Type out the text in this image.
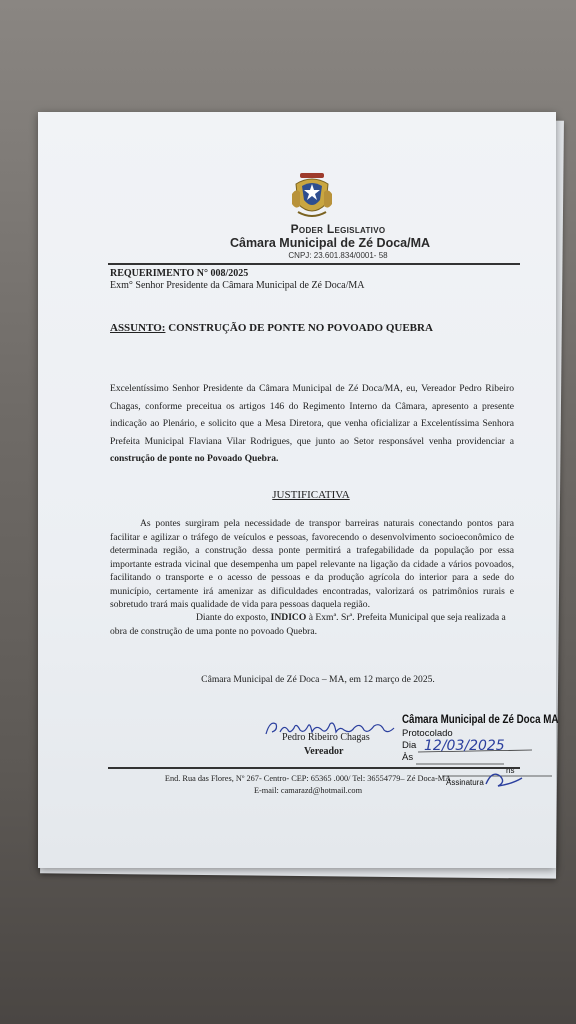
Poder Legislativo
Câmara Municipal de Zé Doca/MA
CNPJ: 23.601.834/0001- 58
REQUERIMENTO N° 008/2025
Exm° Senhor Presidente da Câmara Municipal de Zé Doca/MA
ASSUNTO: CONSTRUÇÃO DE PONTE NO POVOADO QUEBRA
Excelentíssimo Senhor Presidente da Câmara Municipal de Zé Doca/MA, eu, Vereador Pedro Ribeiro Chagas, conforme preceitua os artigos 146 do Regimento Interno da Câmara, apresento a presente indicação ao Plenário, e solicito que a Mesa Diretora, que venha oficializar a Excelentíssima Senhora Prefeita Municipal Flaviana Vilar Rodrigues, que junto ao Setor responsável venha providenciar a construção de ponte no Povoado Quebra.
JUSTIFICATIVA
As pontes surgiram pela necessidade de transpor barreiras naturais conectando pontos para facilitar e agilizar o tráfego de veículos e pessoas, favorecendo o desenvolvimento socioeconômico de determinada região, a construção dessa ponte permitirá a trafegabilidade da população por essa importante estrada vicinal que desempenha um papel relevante na ligação da cidade a vários povoados, facilitando o transporte e o acesso de pessoas e da produção agrícola do interior para a sede do município, certamente irá amenizar as dificuldades encontradas, valorizará os patrimônios rurais e sobretudo trará mais qualidade de vida para pessoas daquela região.
Diante do exposto, INDICO à Exmª. Srª. Prefeita Municipal que seja realizada a obra de construção de uma ponte no povoado Quebra.
Câmara Municipal de Zé Doca – MA, em 12 março de 2025.
Pedro Ribeiro Chagas
Vereador
Câmara Municipal de Zé Doca MA
Protocolado
Dia
Às
hs
Assinatura
12/03/2025
End. Rua das Flores, Nº 267- Centro- CEP: 65365 .000/ Tel: 36554779– Zé Doca-MA
E-mail: camarazd@hotmail.com
